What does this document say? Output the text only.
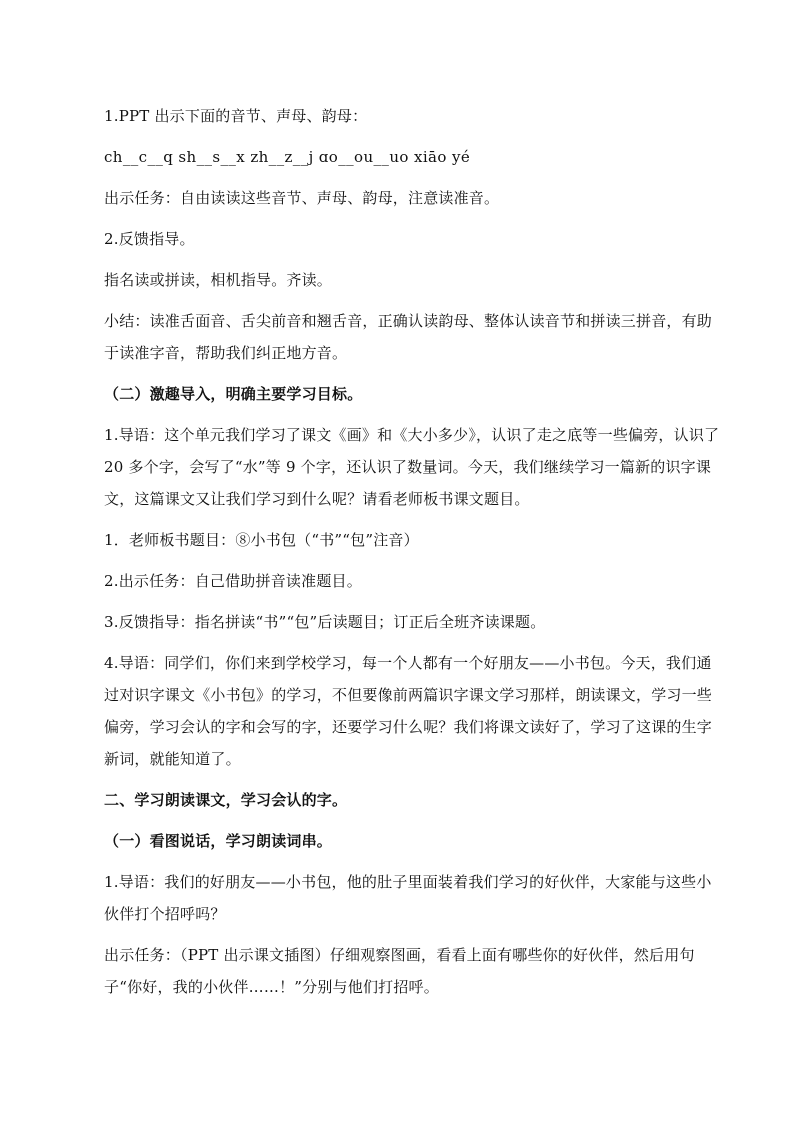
1.PPT 出示下面的音节、声母、韵母：

ch__c__q sh__s__x zh__z__j ɑo__ou__uo xiāo yé

出示任务：自由读读这些音节、声母、韵母，注意读准音。

2.反馈指导。

指名读或拼读，相机指导。齐读。

小结：读准舌面音、舌尖前音和翘舌音，正确认读韵母、整体认读音节和拼读三拼音，有助于读准字音，帮助我们纠正地方音。

（二）激趣导入，明确主要学习目标。

1.导语：这个单元我们学习了课文《画》和《大小多少》，认识了走之底等一些偏旁，认识了 20 多个字，会写了“水”等 9 个字，还认识了数量词。今天，我们继续学习一篇新的识字课文，这篇课文又让我们学习到什么呢？请看老师板书课文题目。

1．老师板书题目：⑧小书包（“书”“包”注音）

2.出示任务：自己借助拼音读准题目。

3.反馈指导：指名拼读“书”“包”后读题目；订正后全班齐读课题。

4.导语：同学们，你们来到学校学习，每一个人都有一个好朋友——小书包。今天，我们通过对识字课文《小书包》的学习，不但要像前两篇识字课文学习那样，朗读课文，学习一些偏旁，学习会认的字和会写的字，还要学习什么呢？我们将课文读好了，学习了这课的生字新词，就能知道了。

二、学习朗读课文，学习会认的字。

（一）看图说话，学习朗读词串。

1.导语：我们的好朋友——小书包，他的肚子里面装着我们学习的好伙伴，大家能与这些小伙伴打个招呼吗？

出示任务：（PPT 出示课文插图）仔细观察图画，看看上面有哪些你的好伙伴，然后用句子“你好，我的小伙伴……！”分别与他们打招呼。
